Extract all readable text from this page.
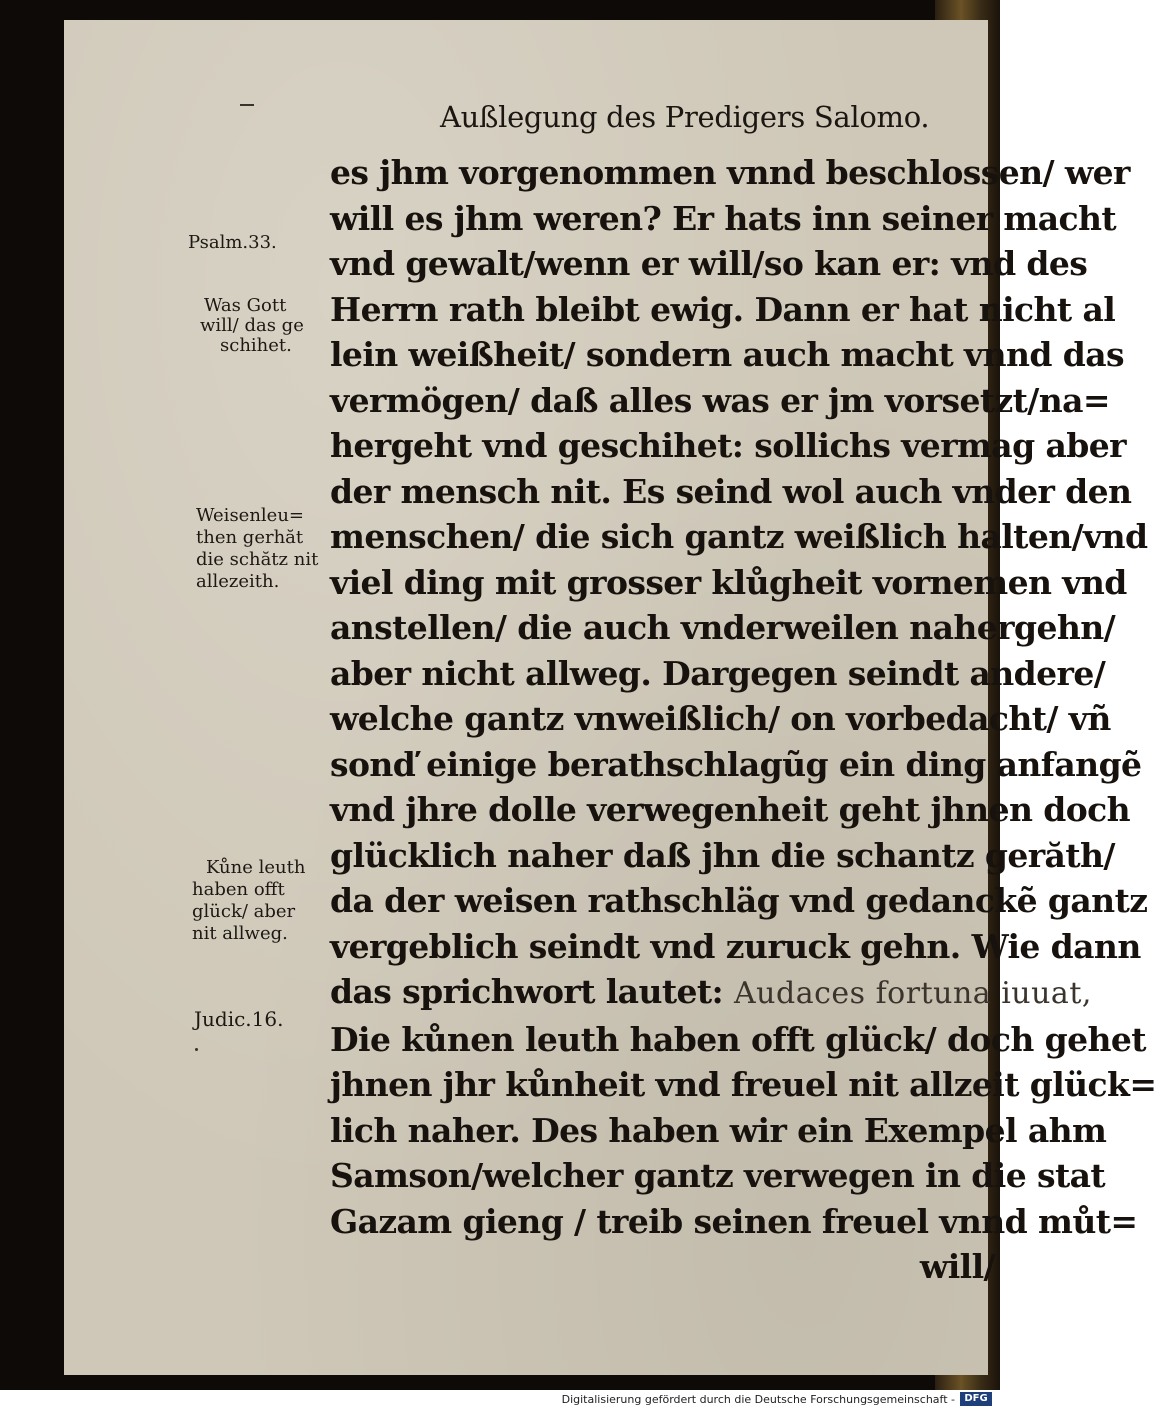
Außlegung des Predigers Salomo.
es jhm vorgenommen vnnd beschlossen/ wer
will es jhm weren? Er hats inn seiner macht
vnd gewalt/wenn er will/so kan er: vnd des
Herrn rath bleibt ewig. Dann er hat nicht al
lein weißheit/ sondern auch macht vnnd das
vermögen/ daß alles was er jm vorsetzt/na=
hergeht vnd geschihet: sollichs vermag aber
der mensch nit. Es seind wol auch vnder den
menschen/ die sich gantz weißlich halten/vnd
viel ding mit grosser klůgheit vornemen vnd
anstellen/ die auch vnderweilen nahergehn/
aber nicht allweg. Dargegen seindt andere/
welche gantz vnweißlich/ on vorbedacht/ vñ
sonď einige berathschlagũg ein ding anfangẽ
vnd jhre dolle verwegenheit geht jhnen doch
glücklich naher daß jhn die schantz gerăth/
da der weisen rathschläg vnd gedanckẽ gantz
vergeblich seindt vnd zuruck gehn. Wie dann
das sprichwort lautet: Audaces fortuna iuuat,
Die kůnen leuth haben offt glück/ doch gehet
jhnen jhr kůnheit vnd freuel nit allzeit glück=
lich naher. Des haben wir ein Exempel ahm
Samson/welcher gantz verwegen in die stat
Gazam gieng / treib seinen freuel vnnd můt=
will/
Psalm.33.
Was Gott
will/ das ge
schihet.
Weisenleu=
then gerhăt
die schătz nit
allezeith.
Kůne leuth
haben offt
glück/ aber
nit allweg.
Judic.16.
Digitalisierung gefördert durch die Deutsche Forschungsgemeinschaft - DFG
